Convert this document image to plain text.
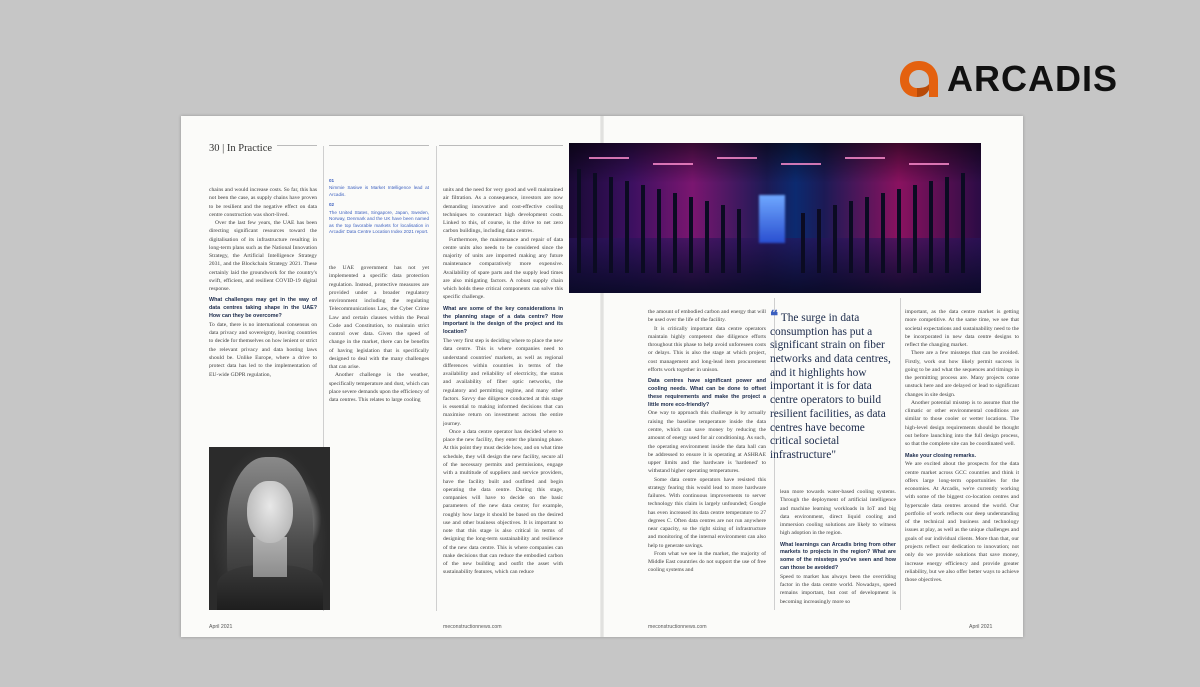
ARCADIS
30 | In Practice

chains and would increase costs. So far, this has not been the case, as supply chains have proven to be resilient and the negative effect on data centre construction was short-lived.

Over the last few years, the UAE has been directing significant resources toward the digitalisation of its infrastructure resulting in long-term plans such as the National Innovation Strategy, the Artificial Intelligence Strategy 2031, and the Blockchain Strategy 2021. These certainly laid the groundwork for the country's swift, efficient, and resilient COVID-19 digital response.

What challenges may get in the way of data centres taking shape in the UAE? How can they be overcome?

To date, there is no international consensus on data privacy and sovereignty, leaving countries to decide for themselves on how lenient or strict the relevant privacy and data hosting laws should be. Unlike Europe, where a drive to protect data has led to the implementation of EU-wide GDPR regulation,

01
Nimmie Sasiwe is Market Intelligence lead at Arcadis.
02
The United States, Singapore, Japan, Sweden, Norway, Denmark and the UK have been named as the top favorable markets for localisation in Arcadis' Data Centre Location Index 2021 report.

the UAE government has not yet implemented a specific data protection regulation. Instead, protective measures are provided under a broader regulatory environment including the regulating Telecommunications Law, the Cyber Crime Law and certain clauses within the Penal Code and Constitution, to maintain strict control over data. Given the speed of change in the market, there can be benefits of having legislation that is specifically designed to deal with the many challenges that can arise.

Another challenge is the weather, specifically temperature and dust, which can place severe demands upon the efficiency of data centres. This relates to large cooling

units and the need for very good and well maintained air filtration. As a consequence, investors are now demanding innovative and cost-effective cooling techniques to counteract high development costs. Linked to this, of course, is the drive to net zero carbon buildings, including data centres.

Furthermore, the maintenance and repair of data centre units also needs to be considered since the majority of units are imported making any future maintenance comparatively more expensive. Availability of spare parts and the supply lead times are also mitigating factors. A robust supply chain which holds these critical components can solve this specific challenge.

What are some of the key considerations in the planning stage of a data centre? How important is the design of the project and its location?

The very first step is deciding where to place the new data centre. This is where companies need to understand countries' markets, as well as regional differences within countries in terms of the availability and reliability of electricity, the status and availability of fiber optic networks, the regulatory and permitting regime, and many other factors. Savvy due diligence conducted at this stage is essential to making informed decisions that can maximise return on investment across the entire journey.

Once a data centre operator has decided where to place the new facility, they enter the planning phase. At this point they must decide how, and on what time schedule, they will design the new facility, secure all of the necessary permits and permissions, engage with a multitude of suppliers and service providers, have the facility built and outfitted and begin operating the data centre. During this stage, companies will have to decide on the basic parameters of the new data centre; for example, roughly how large it should be based on the desired use and other business objectives. It is important to note that this stage is also critical in terms of designing the long-term sustainability and resilience of the new data centre. This is where companies can make decisions that can reduce the embodied carbon of the new building and outfit the asset with sustainability features, which can reduce

April 2021	meconstructionnews.com

the amount of embodied carbon and energy that will be used over the life of the facility.

It is critically important data centre operators maintain highly competent due diligence efforts throughout this phase to help avoid unforeseen costs or delays. This is also the stage at which project, cost management and long-lead item procurement efforts work together in unison.

Data centres have significant power and cooling needs. What can be done to offset these requirements and make the project a little more eco-friendly?

One way to approach this challenge is by actually raising the baseline temperature inside the data centre, which can save money by reducing the amount of energy used for air conditioning. As such, the operating environment inside the data hall can be addressed to ensure it is operating at ASHRAE upper limits and the hardware is 'hardened' to withstand higher operating temperatures.

Some data centre operators have resisted this strategy fearing this would lead to more hardware failures. With continuous improvements to server technology this claim is largely unfounded; Google has even increased its data centre temperature to 27 degrees C. Often data centres are not run anywhere near capacity, so the right sizing of infrastructure and monitoring of the internal environment can also help to generate savings.

From what we see in the market, the majority of Middle East countries do not support the use of free cooling systems and

❝ The surge in data consumption has put a significant strain on fiber networks and data centres, and it highlights how important it is for data centre operators to build resilient facilities, as data centres have become critical societal infrastructure"

lean more towards water-based cooling systems. Through the deployment of artificial intelligence and machine learning workloads in IoT and big data environment, direct liquid cooling and immersion cooling solutions are likely to witness high adoption in the region.

What learnings can Arcadis bring from other markets to projects in the region? What are some of the missteps you've seen and how can those be avoided?

Speed to market has always been the overriding factor in the data centre world. Nowadays, speed remains important, but cost of development is becoming increasingly more so

important, as the data centre market is getting more competitive. At the same time, we see that societal expectations and sustainability need to the be incorporated in new data centre designs to reflect the changing market.

There are a few missteps that can be avoided. Firstly, work out how likely permit success is going to be and what the sequences and timings in the permitting process are. Many projects come unstuck here and are delayed or lead to significant changes in site design.

Another potential misstep is to assume that the climatic or other environmental conditions are similar to those cooler or wetter locations. The high-level design requirements should be thought out before launching into the full design process, so that the complete site can be coordinated well.

Make your closing remarks.

We are excited about the prospects for the data centre market across GCC countries and think it offers large long-term opportunities for the economies. At Arcadis, we're currently working with some of the biggest co-location centres and hyperscale data centres around the world. Our portfolio of work reflects our deep understanding of the technical and business and technology issues at play, as well as the unique challenges and goals of our individual clients. More than that, our projects reflect our dedication to innovation; not only do we provide solutions that save money, increase energy efficiency and provide greater reliability, but we also offer better ways to achieve those objectives.

meconstructionnews.com	April 2021
